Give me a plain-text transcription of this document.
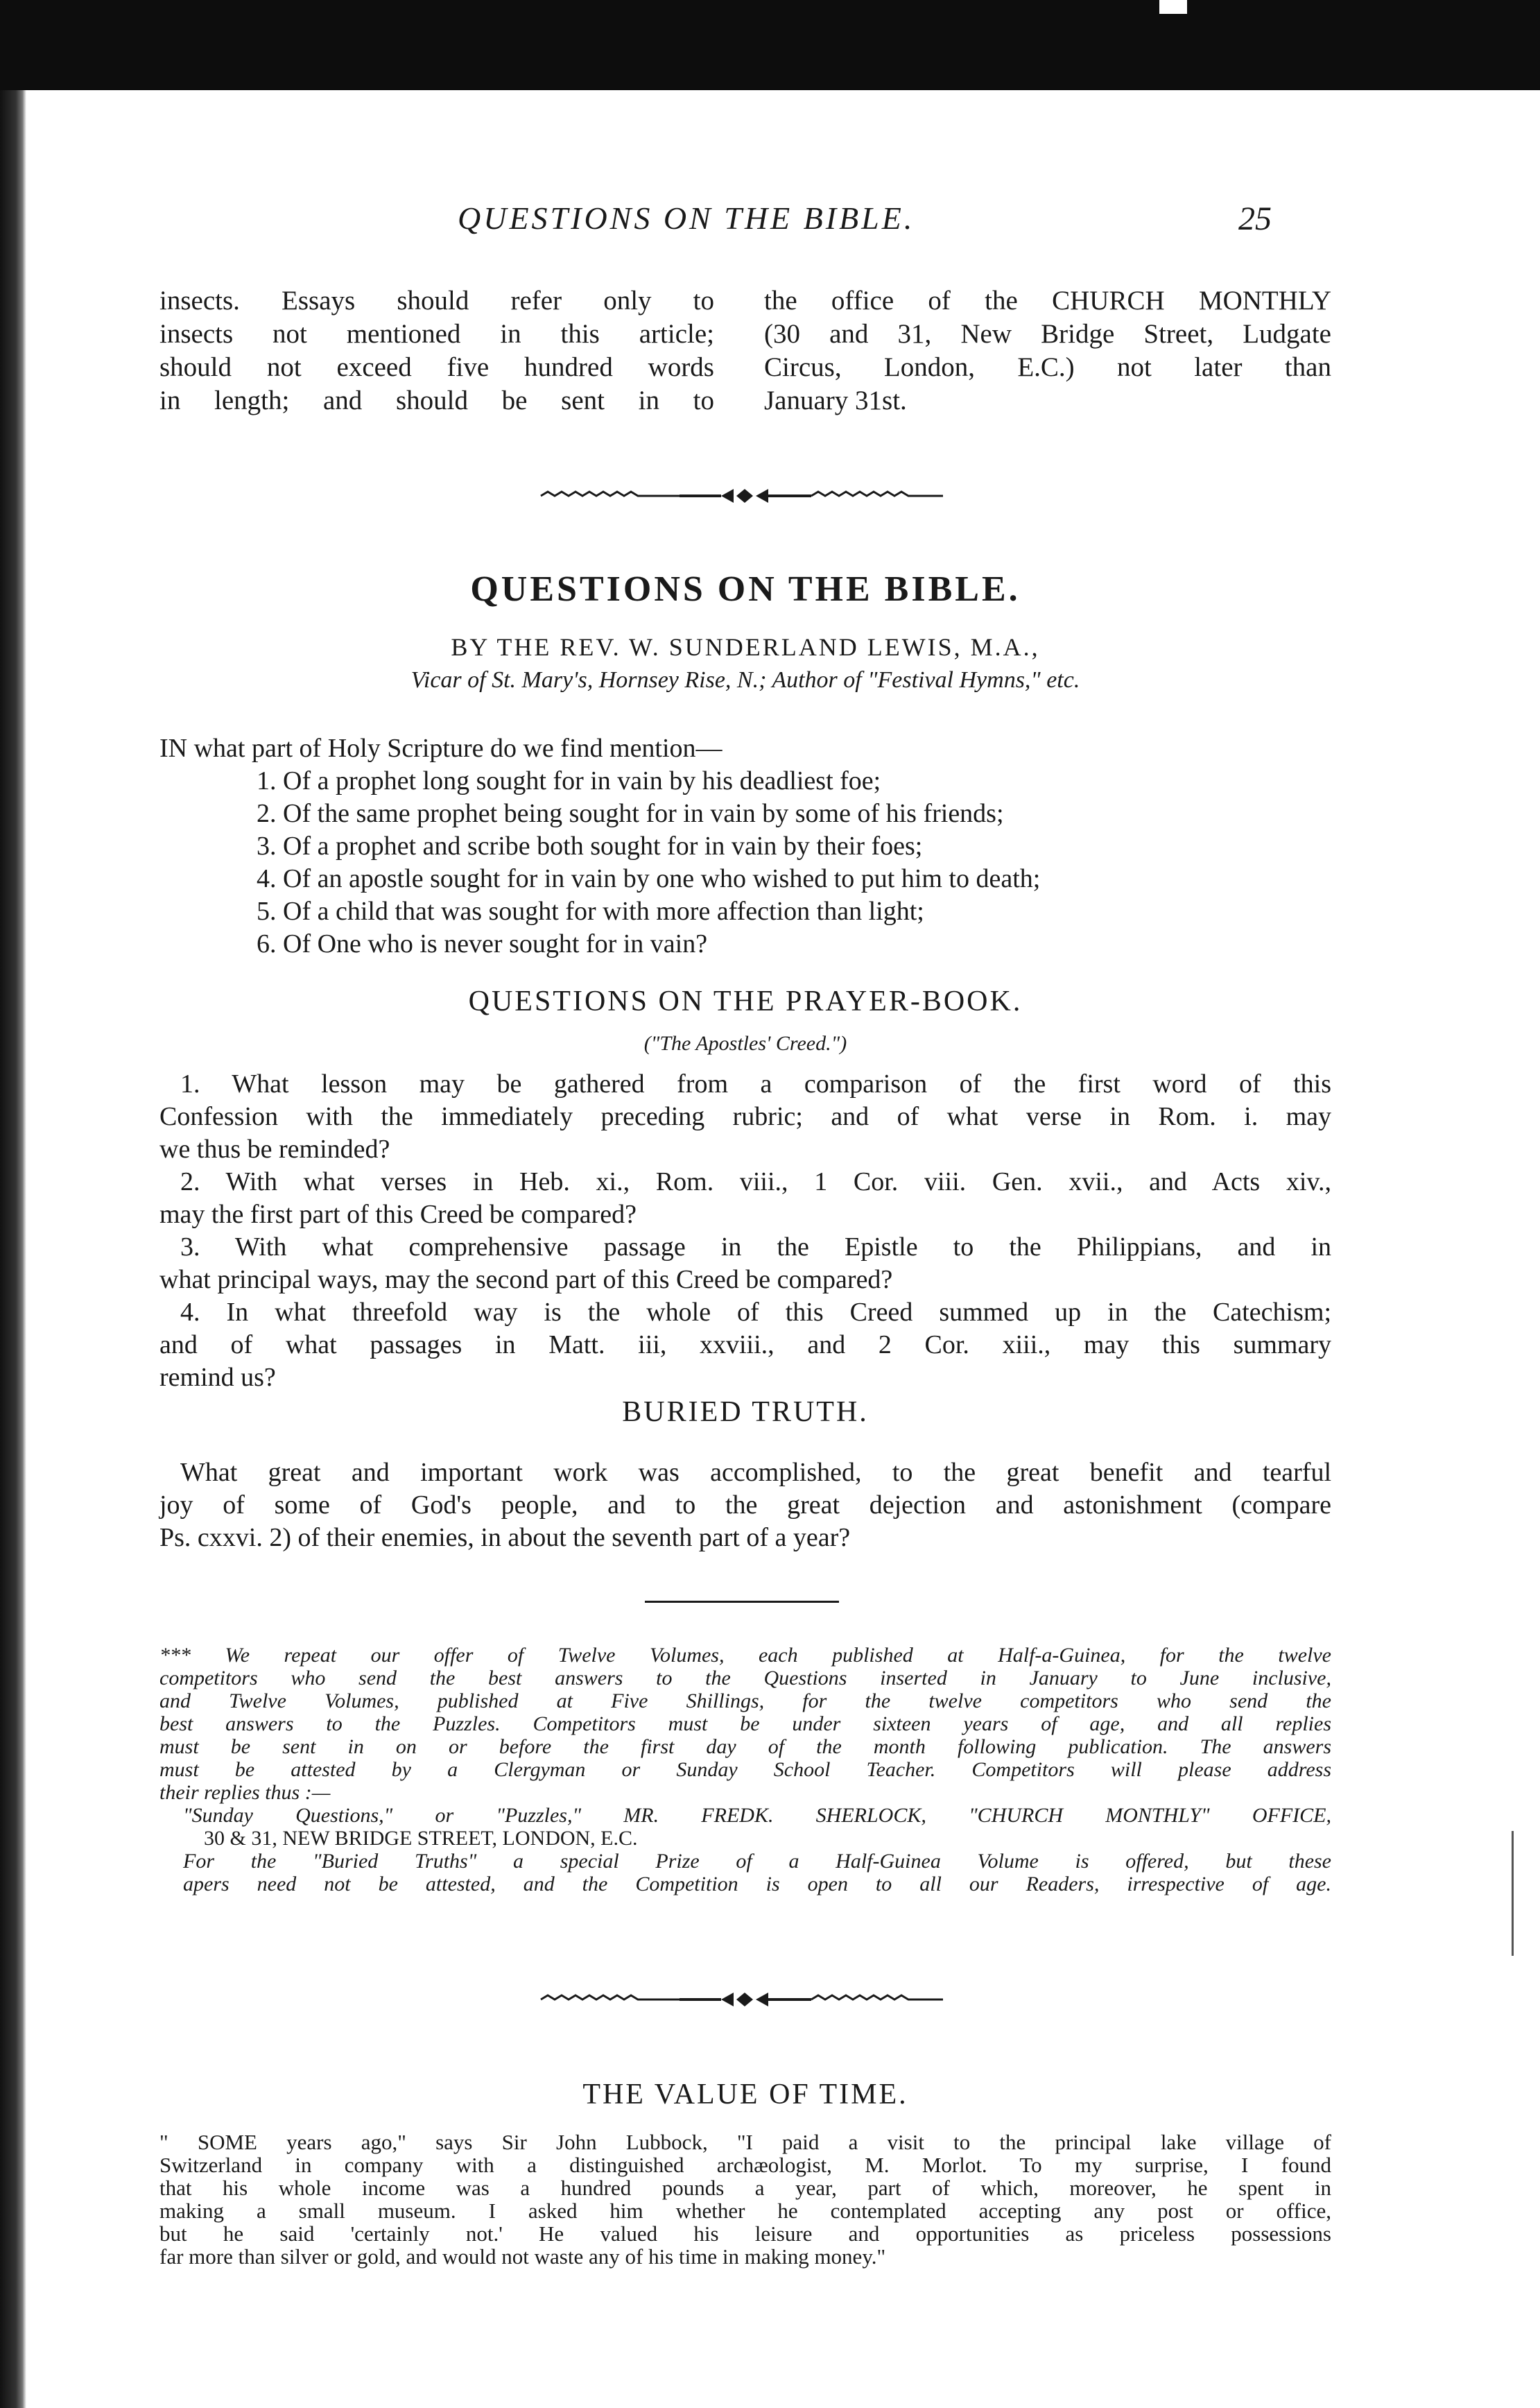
QUESTIONS ON THE BIBLE.	25
insects. Essays should refer only to
insects not mentioned in this article;
should not exceed five hundred words
in length; and should be sent in to
the office of the CHURCH MONTHLY
(30 and 31, New Bridge Street, Ludgate
Circus, London, E.C.) not later than
January 31st.
QUESTIONS ON THE BIBLE.
BY THE REV. W. SUNDERLAND LEWIS, M.A.,
Vicar of St. Mary's, Hornsey Rise, N.; Author of "Festival Hymns," etc.
IN what part of Holy Scripture do we find mention—
1. Of a prophet long sought for in vain by his deadliest foe;
2. Of the same prophet being sought for in vain by some of his friends;
3. Of a prophet and scribe both sought for in vain by their foes;
4. Of an apostle sought for in vain by one who wished to put him to death;
5. Of a child that was sought for with more affection than light;
6. Of One who is never sought for in vain?
QUESTIONS ON THE PRAYER-BOOK.
("The Apostles' Creed.")
1. What lesson may be gathered from a comparison of the first word of this
Confession with the immediately preceding rubric; and of what verse in Rom. i. may
we thus be reminded?
2. With what verses in Heb. xi., Rom. viii., 1 Cor. viii. Gen. xvii., and Acts xiv.,
may the first part of this Creed be compared?
3. With what comprehensive passage in the Epistle to the Philippians, and in
what principal ways, may the second part of this Creed be compared?
4. In what threefold way is the whole of this Creed summed up in the Catechism;
and of what passages in Matt. iii, xxviii., and 2 Cor. xiii., may this summary
remind us?
BURIED TRUTH.
What great and important work was accomplished, to the great benefit and tearful
joy of some of God's people, and to the great dejection and astonishment (compare
Ps. cxxvi. 2) of their enemies, in about the seventh part of a year?
*** We repeat our offer of Twelve Volumes, each published at Half-a-Guinea, for the twelve
competitors who send the best answers to the Questions inserted in January to June inclusive,
and Twelve Volumes, published at Five Shillings, for the twelve competitors who send the
best answers to the Puzzles. Competitors must be under sixteen years of age, and all replies
must be sent in on or before the first day of the month following publication. The answers
must be attested by a Clergyman or Sunday School Teacher. Competitors will please address
their replies thus :—
"Sunday Questions," or "Puzzles," MR. FREDK. SHERLOCK, "CHURCH MONTHLY" OFFICE,
30 & 31, NEW BRIDGE STREET, LONDON, E.C.
For the "Buried Truths" a special Prize of a Half-Guinea Volume is offered, but these
apers need not be attested, and the Competition is open to all our Readers, irrespective of age.
THE VALUE OF TIME.
" SOME years ago," says Sir John Lubbock, "I paid a visit to the principal lake village of
Switzerland in company with a distinguished archæologist, M. Morlot. To my surprise, I found
that his whole income was a hundred pounds a year, part of which, moreover, he spent in
making a small museum. I asked him whether he contemplated accepting any post or office,
but he said 'certainly not.' He valued his leisure and opportunities as priceless possessions
far more than silver or gold, and would not waste any of his time in making money."
